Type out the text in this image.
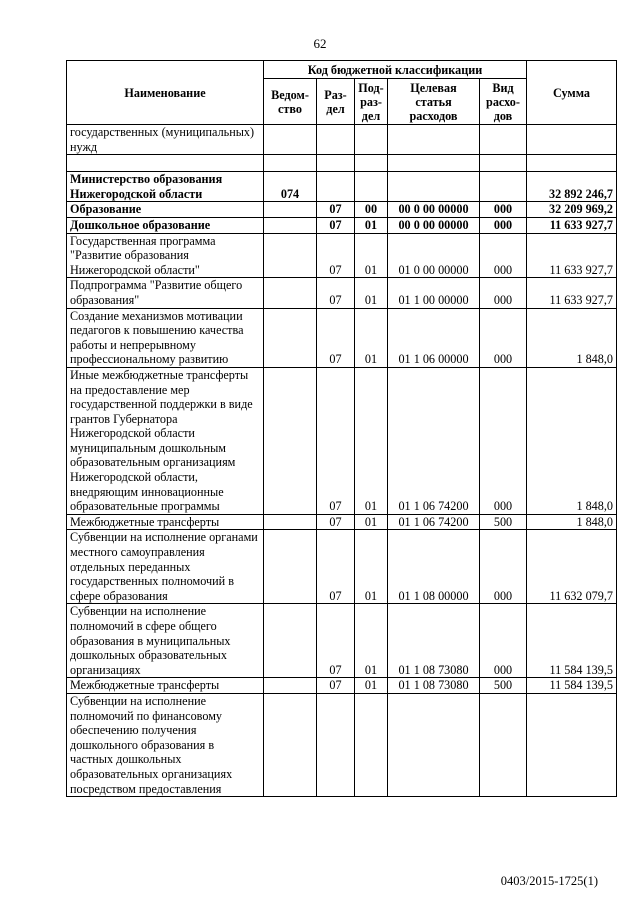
62
Наименование	Код бюджетной классификации					Сумма
	Ведом-ство	Раз-дел	Под-раз-дел	Целевая статья расходов	Вид расхо-дов	
государственных (муниципальных) нужд						

Министерство образования Нижегородской области	074					32 892 246,7
Образование		07	00	00 0 00 00000	000	32 209 969,2
Дошкольное образование		07	01	00 0 00 00000	000	11 633 927,7
Государственная программа "Развитие образования Нижегородской области"		07	01	01 0 00 00000	000	11 633 927,7
Подпрограмма "Развитие общего образования"		07	01	01 1 00 00000	000	11 633 927,7
Создание механизмов мотивации педагогов к повышению качества работы и непрерывному профессиональному развитию		07	01	01 1 06 00000	000	1 848,0
Иные межбюджетные трансферты на предоставление мер государственной поддержки в виде грантов Губернатора Нижегородской области муниципальным дошкольным образовательным организациям Нижегородской области, внедряющим инновационные образовательные программы		07	01	01 1 06 74200	000	1 848,0
Межбюджетные трансферты		07	01	01 1 06 74200	500	1 848,0
Субвенции на исполнение органами местного самоуправления отдельных переданных государственных полномочий в сфере образования		07	01	01 1 08 00000	000	11 632 079,7
Субвенции на исполнение полномочий в сфере общего образования в муниципальных дошкольных образовательных организациях		07	01	01 1 08 73080	000	11 584 139,5
Межбюджетные трансферты		07	01	01 1 08 73080	500	11 584 139,5
Субвенции на исполнение полномочий по финансовому обеспечению получения дошкольного образования в частных дошкольных образовательных организациях посредством предоставления						
0403/2015-1725(1)
